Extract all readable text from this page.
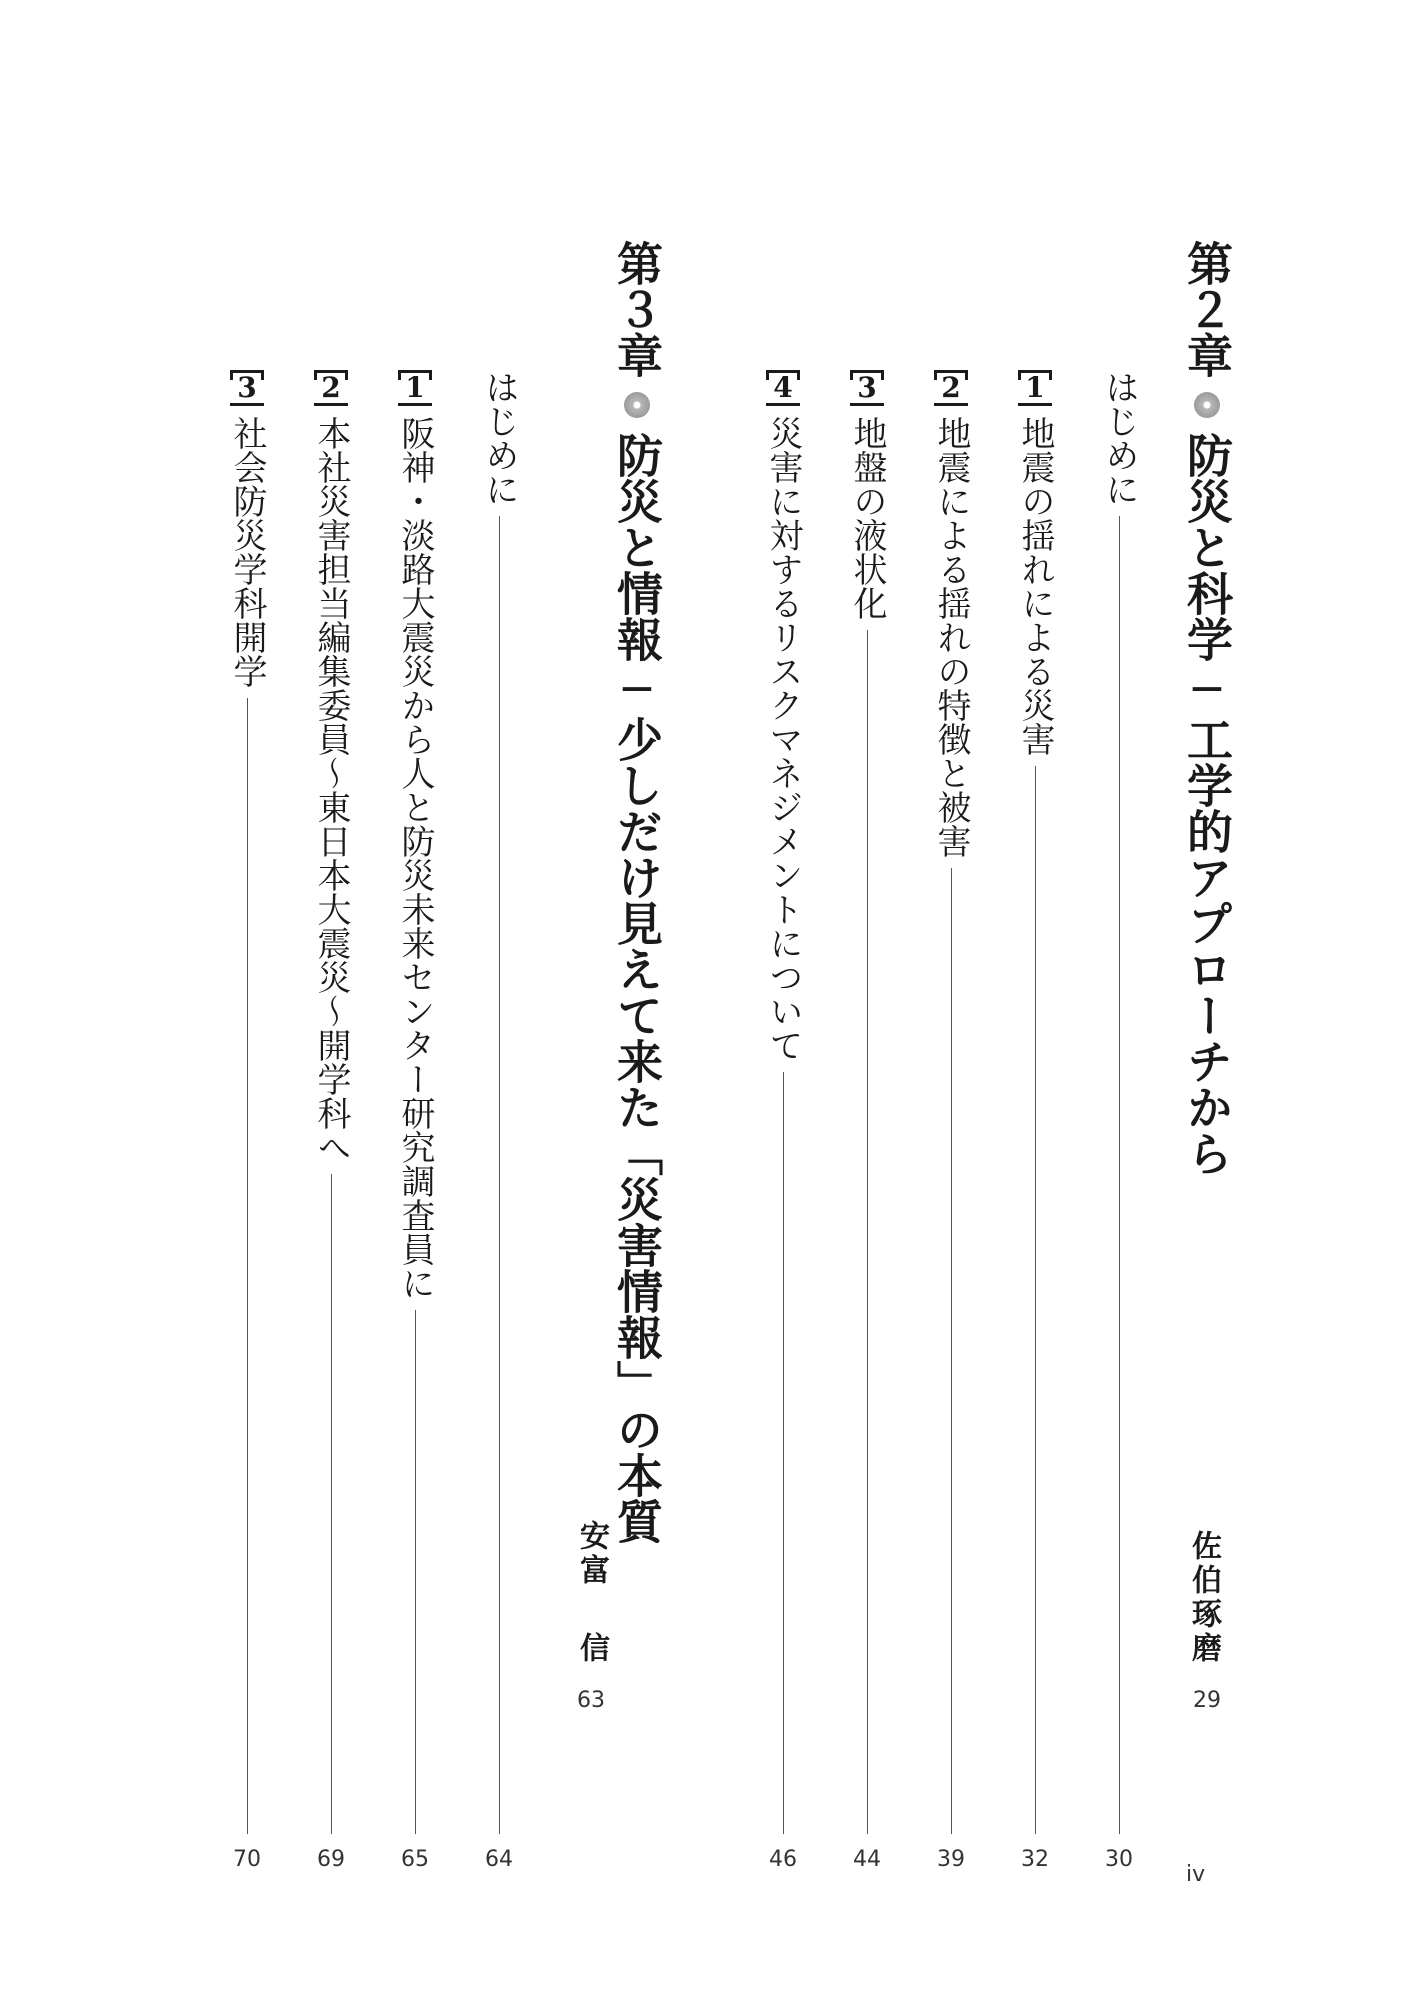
第２章
防災と科学─工学的アプローチから
佐伯琢磨
29
はじめに
30
1
地震の揺れによる災害
32
2
地震による揺れの特徴と被害
39
3
地盤の液状化
44
4
災害に対するリスクマネジメントについて
46
第３章
防災と情報─少しだけ見えて来た「災害情報」の本質
安富信
63
はじめに
64
1
阪神・淡路大震災から人と防災未来センター研究調査員に
65
2
本社災害担当編集委員～東日本大震災～開学科へ
69
3
社会防災学科開学
70
iv
